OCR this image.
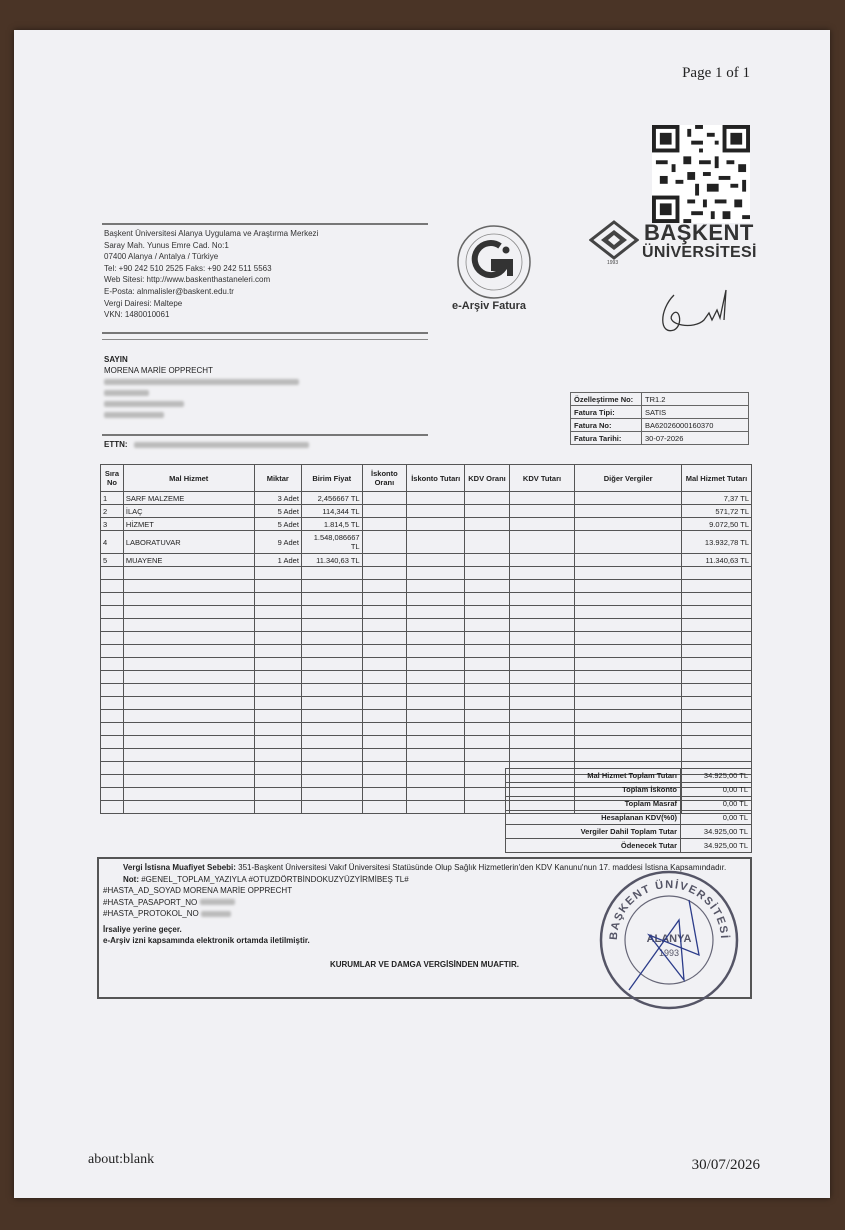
Page 1 of 1
Başkent Üniversitesi Alanya Uygulama ve Araştırma Merkezi
Saray Mah. Yunus Emre Cad. No:1
07400 Alanya / Antalya / Türkiye
Tel: +90 242 510 2525 Faks: +90 242 511 5563
Web Sitesi: http://www.baskenthastaneleri.com
E-Posta: alnmalisler@baskent.edu.tr
Vergi Dairesi: Maltepe
VKN: 1480010061
e-Arşiv Fatura
BAŞKENT
ÜNİVERSİTESİ
1993
SAYIN
MORENA MARİE OPPRECHT
ETTN:
Özelleştirme No:	TR1.2
Fatura Tipi:	SATIS
Fatura No:	BA62026000160370
Fatura Tarihi:	30-07-2026
Sıra No	Mal Hizmet	Miktar	Birim Fiyat	İskonto Oranı	İskonto Tutarı	KDV Oranı	KDV Tutarı	Diğer Vergiler	Mal Hizmet Tutarı
1	SARF MALZEME	3 Adet	2,456667 TL						7,37 TL
2	İLAÇ	5 Adet	114,344 TL						571,72 TL
3	HİZMET	5 Adet	1.814,5 TL						9.072,50 TL
4	LABORATUVAR	9 Adet	1.548,086667 TL						13.932,78 TL
5	MUAYENE	1 Adet	11.340,63 TL						11.340,63 TL

Mal Hizmet Toplam Tutarı	34.925,00 TL
Toplam İskonto	0,00 TL
Toplam Masraf	0,00 TL
Hesaplanan KDV(%0)	0,00 TL
Vergiler Dahil Toplam Tutar	34.925,00 TL
Ödenecek Tutar	34.925,00 TL
Vergi İstisna Muafiyet Sebebi: 351-Başkent Üniversitesi Vakıf Üniversitesi Statüsünde Olup Sağlık Hizmetlerin'den KDV Kanunu'nun 17. maddesi İstisna Kapsamındadır.
Not: #GENEL_TOPLAM_YAZIYLA #OTUZDÖRTBİNDOKUZYÜZYİRMİBEŞ TL#
#HASTA_AD_SOYAD MORENA MARİE OPPRECHT
#HASTA_PASAPORT_NO
#HASTA_PROTOKOL_NO
İrsaliye yerine geçer.
e-Arşiv izni kapsamında elektronik ortamda iletilmiştir.
KURUMLAR VE DAMGA VERGİSİNDEN MUAFTIR.
BAŞKENT ÜNİVERSİTESİ
ALANYA
1993
about:blank	30/07/2026
